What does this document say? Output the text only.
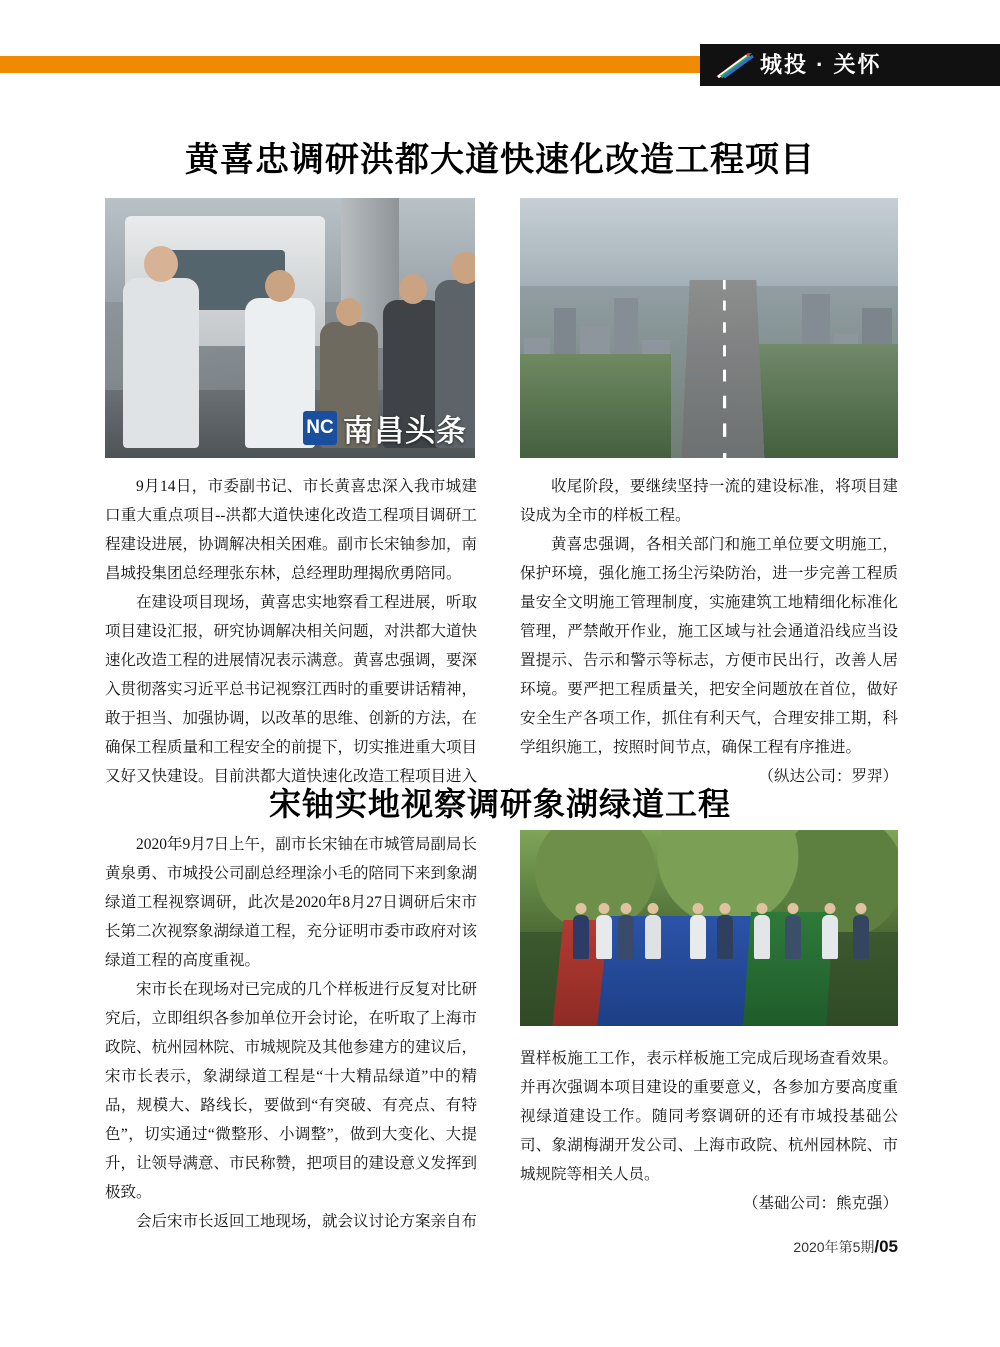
城投 · 关怀
黄喜忠调研洪都大道快速化改造工程项目
NC 南昌头条

9月14日，市委副书记、市长黄喜忠深入我市城建口重大重点项目--洪都大道快速化改造工程项目调研工程建设进展，协调解决相关困难。副市长宋铀参加，南昌城投集团总经理张东林，总经理助理揭欣勇陪同。

在建设项目现场，黄喜忠实地察看工程进展，听取项目建设汇报，研究协调解决相关问题，对洪都大道快速化改造工程的进展情况表示满意。黄喜忠强调，要深入贯彻落实习近平总书记视察江西时的重要讲话精神，敢于担当、加强协调，以改革的思维、创新的方法，在确保工程质量和工程安全的前提下，切实推进重大项目又好又快建设。目前洪都大道快速化改造工程项目进入

收尾阶段，要继续坚持一流的建设标准，将项目建设成为全市的样板工程。

黄喜忠强调，各相关部门和施工单位要文明施工，保护环境，强化施工扬尘污染防治，进一步完善工程质量安全文明施工管理制度，实施建筑工地精细化标准化管理，严禁敞开作业，施工区域与社会通道沿线应当设置提示、告示和警示等标志，方便市民出行，改善人居环境。要严把工程质量关，把安全问题放在首位，做好安全生产各项工作，抓住有利天气，合理安排工期，科学组织施工，按照时间节点，确保工程有序推进。

（纵达公司：罗羿）

宋铀实地视察调研象湖绿道工程

2020年9月7日上午，副市长宋铀在市城管局副局长黄泉勇、市城投公司副总经理涂小毛的陪同下来到象湖绿道工程视察调研，此次是2020年8月27日调研后宋市长第二次视察象湖绿道工程，充分证明市委市政府对该绿道工程的高度重视。

宋市长在现场对已完成的几个样板进行反复对比研究后，立即组织各参加单位开会讨论，在听取了上海市政院、杭州园林院、市城规院及其他参建方的建议后，宋市长表示，象湖绿道工程是“十大精品绿道”中的精品，规模大、路线长，要做到“有突破、有亮点、有特色”，切实通过“微整形、小调整”，做到大变化、大提升，让领导满意、市民称赞，把项目的建设意义发挥到极致。

会后宋市长返回工地现场，就会议讨论方案亲自布

置样板施工工作，表示样板施工完成后现场查看效果。并再次强调本项目建设的重要意义，各参加方要高度重视绿道建设工作。随同考察调研的还有市城投基础公司、象湖梅湖开发公司、上海市政院、杭州园林院、市城规院等相关人员。

（基础公司：熊克强）

2020年第5期/05
